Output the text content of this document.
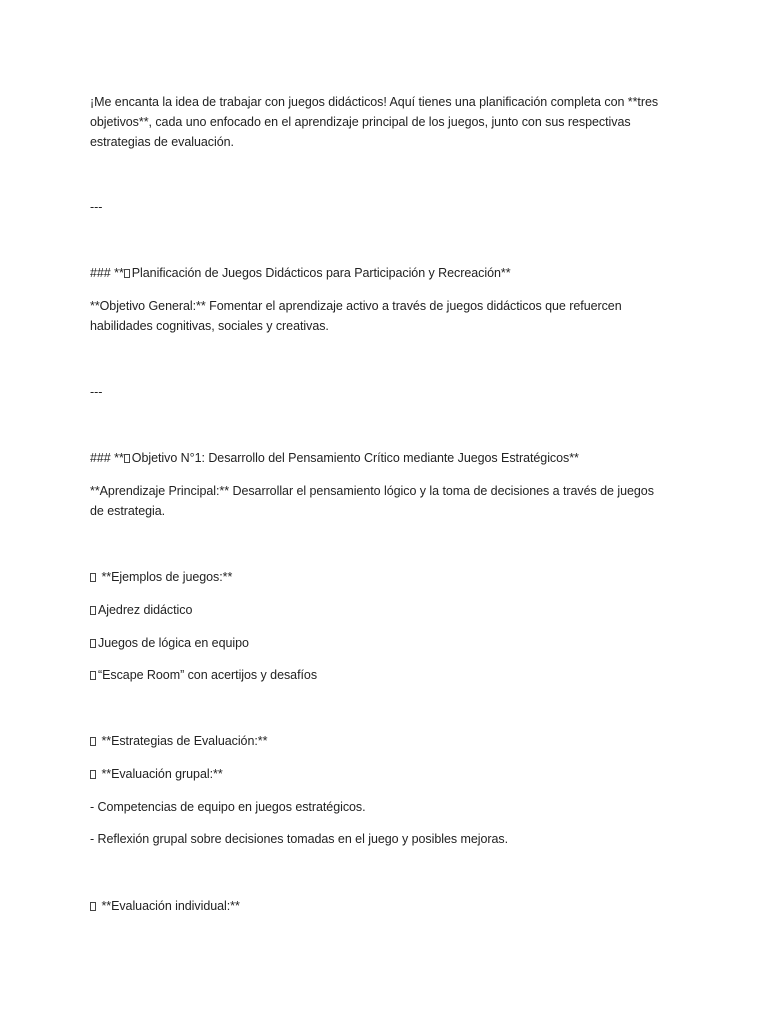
¡Me encanta la idea de trabajar con juegos didácticos! Aquí tienes una planificación completa con **tres
objetivos**, cada uno enfocado en el aprendizaje principal de los juegos, junto con sus respectivas
estrategias de evaluación.
---
### ** Planificación de Juegos Didácticos para Participación y Recreación**
**Objetivo General:** Fomentar el aprendizaje activo a través de juegos didácticos que refuercen
habilidades cognitivas, sociales y creativas.
---
### ** Objetivo N°1: Desarrollo del Pensamiento Crítico mediante Juegos Estratégicos**
**Aprendizaje Principal:** Desarrollar el pensamiento lógico y la toma de decisiones a través de juegos
de estrategia.
**Ejemplos de juegos:**
Ajedrez didáctico
Juegos de lógica en equipo
“Escape Room” con acertijos y desafíos
**Estrategias de Evaluación:**
**Evaluación grupal:**
- Competencias de equipo en juegos estratégicos.
- Reflexión grupal sobre decisiones tomadas en el juego y posibles mejoras.
**Evaluación individual:**
